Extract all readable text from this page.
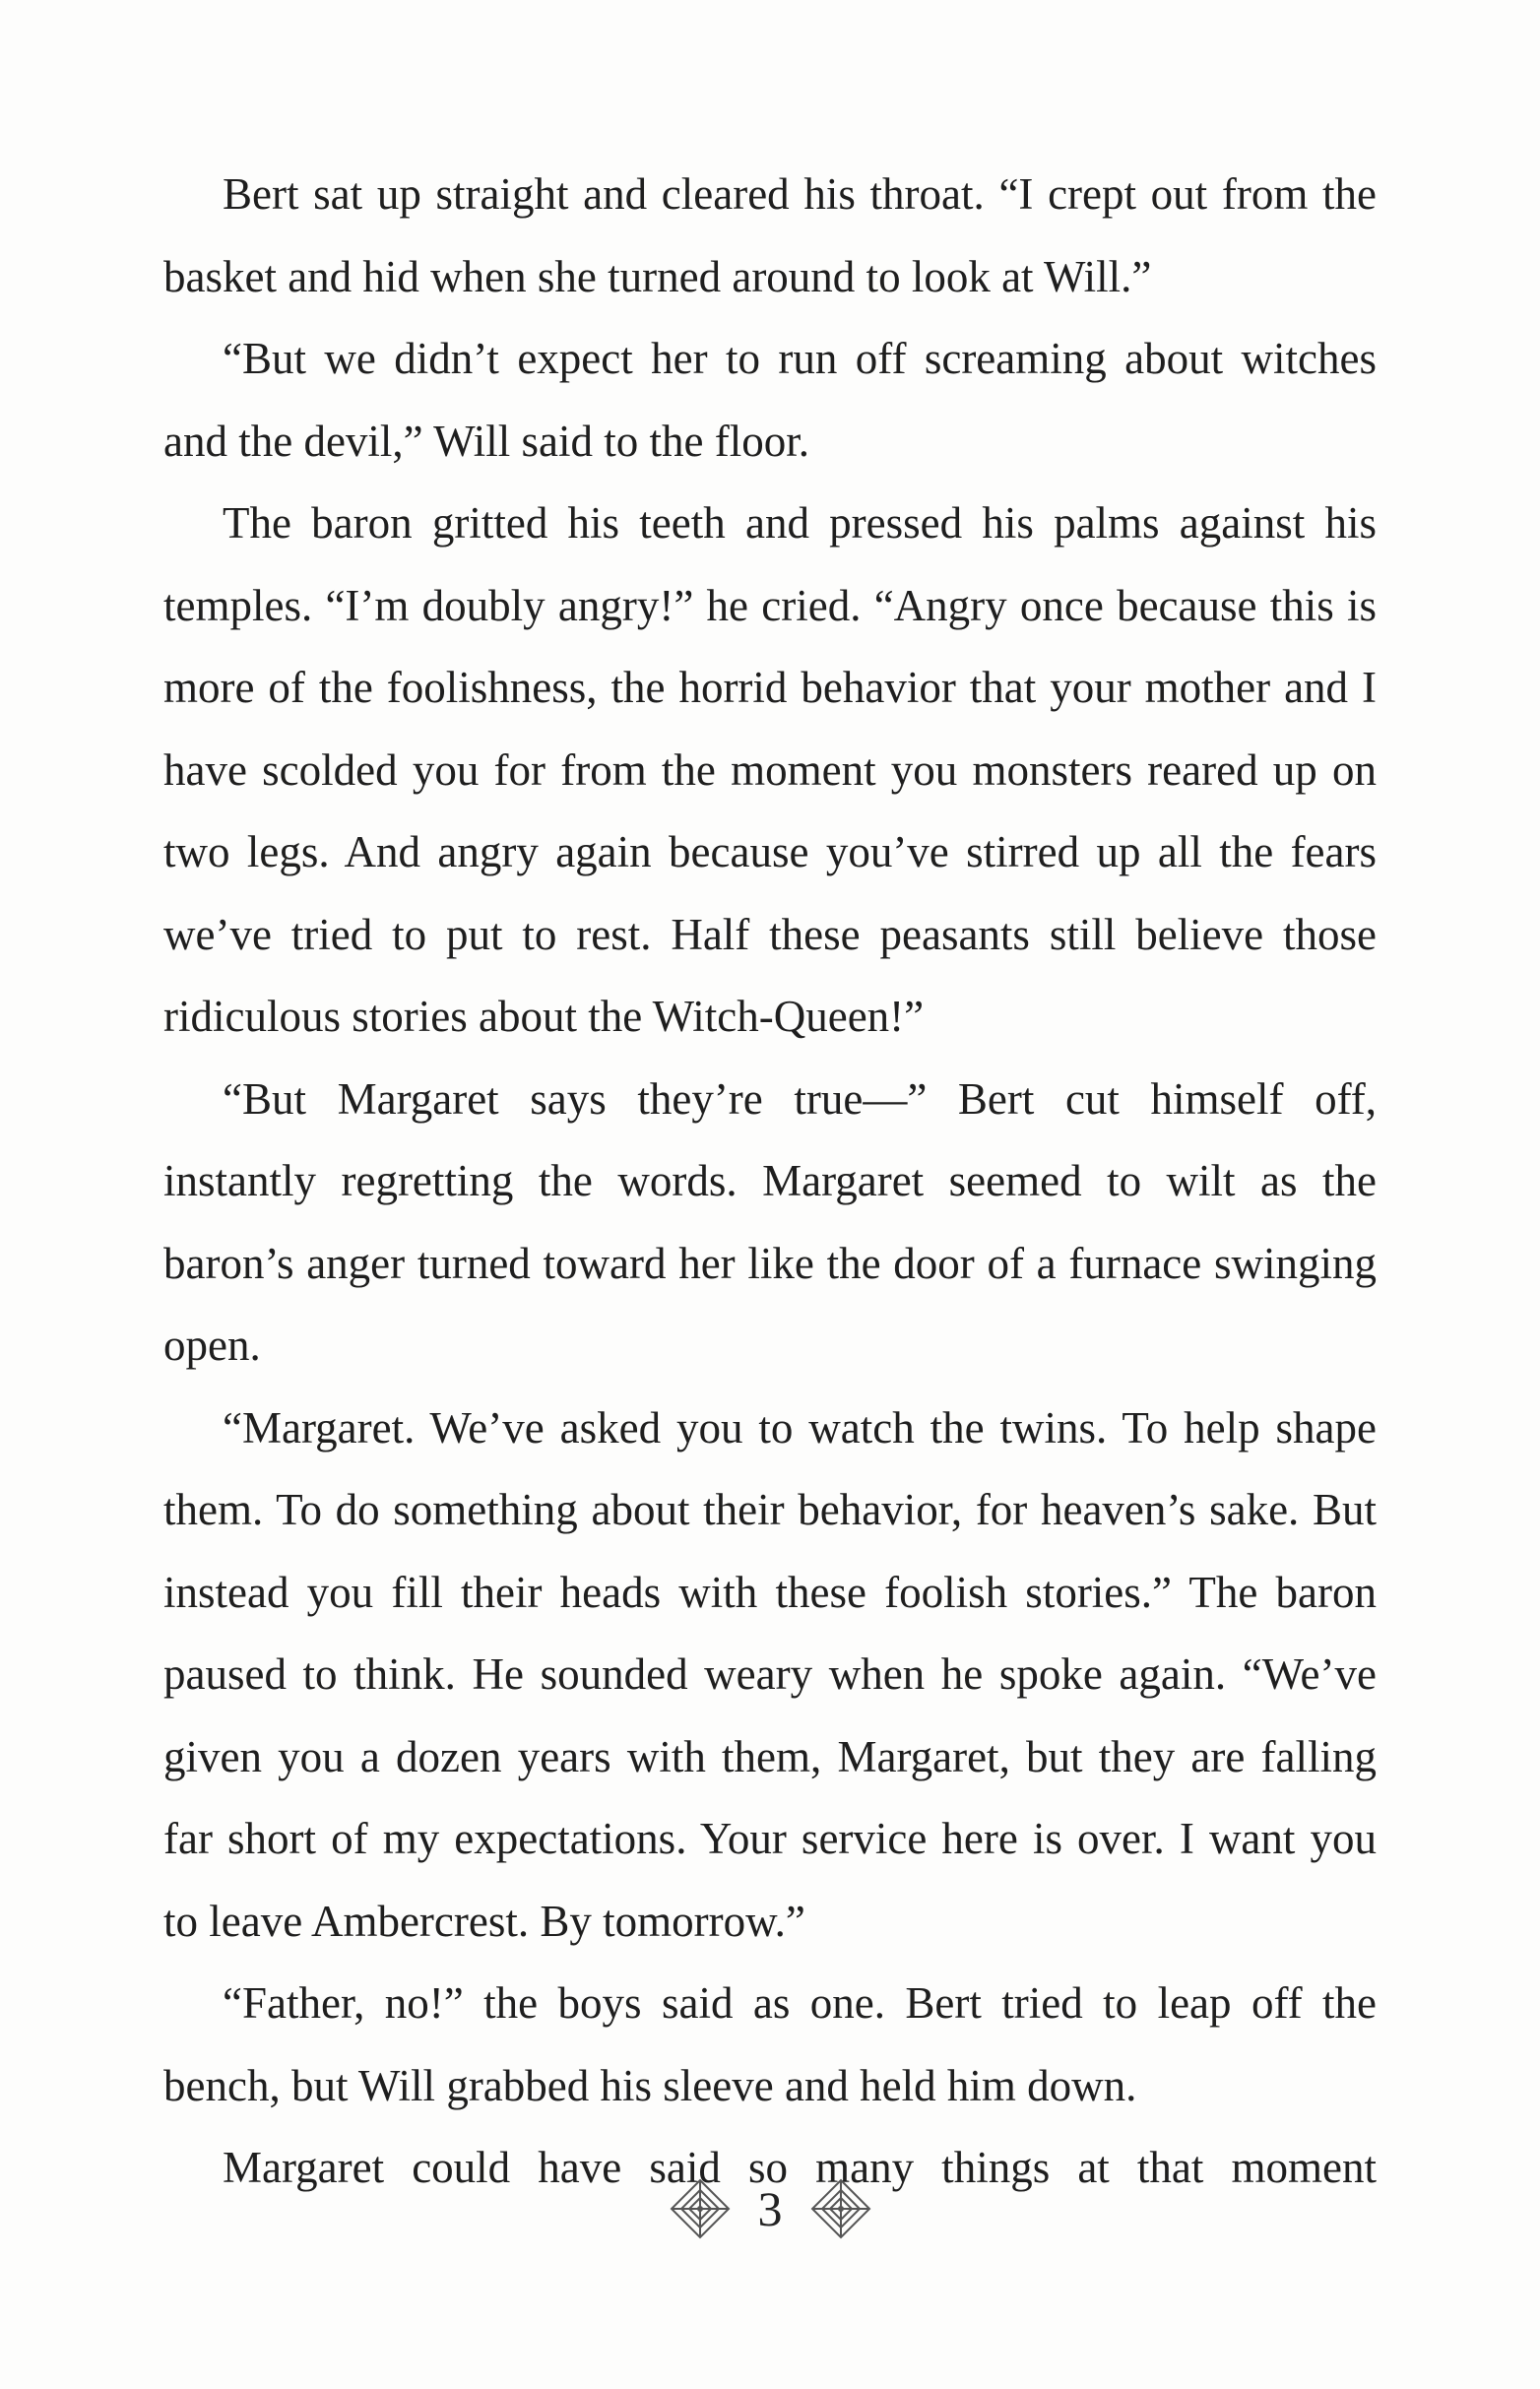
Bert sat up straight and cleared his throat. “I crept out from the basket and hid when she turned around to look at Will.”

“But we didn’t expect her to run off screaming about witches and the devil,” Will said to the floor.

The baron gritted his teeth and pressed his palms against his temples. “I’m doubly angry!” he cried. “Angry once because this is more of the foolishness, the horrid behavior that your mother and I have scolded you for from the moment you monsters reared up on two legs. And angry again because you’ve stirred up all the fears we’ve tried to put to rest. Half these peasants still believe those ridiculous stories about the Witch-Queen!”

“But Margaret says they’re true—” Bert cut himself off, instantly regretting the words. Margaret seemed to wilt as the baron’s anger turned toward her like the door of a furnace swinging open.

“Margaret. We’ve asked you to watch the twins. To help shape them. To do something about their behavior, for heaven’s sake. But instead you fill their heads with these foolish stories.” The baron paused to think. He sounded weary when he spoke again. “We’ve given you a dozen years with them, Margaret, but they are falling far short of my expectations. Your service here is over. I want you to leave Ambercrest. By tomorrow.”

“Father, no!” the boys said as one. Bert tried to leap off the bench, but Will grabbed his sleeve and held him down.

Margaret could have said so many things at that moment

3
